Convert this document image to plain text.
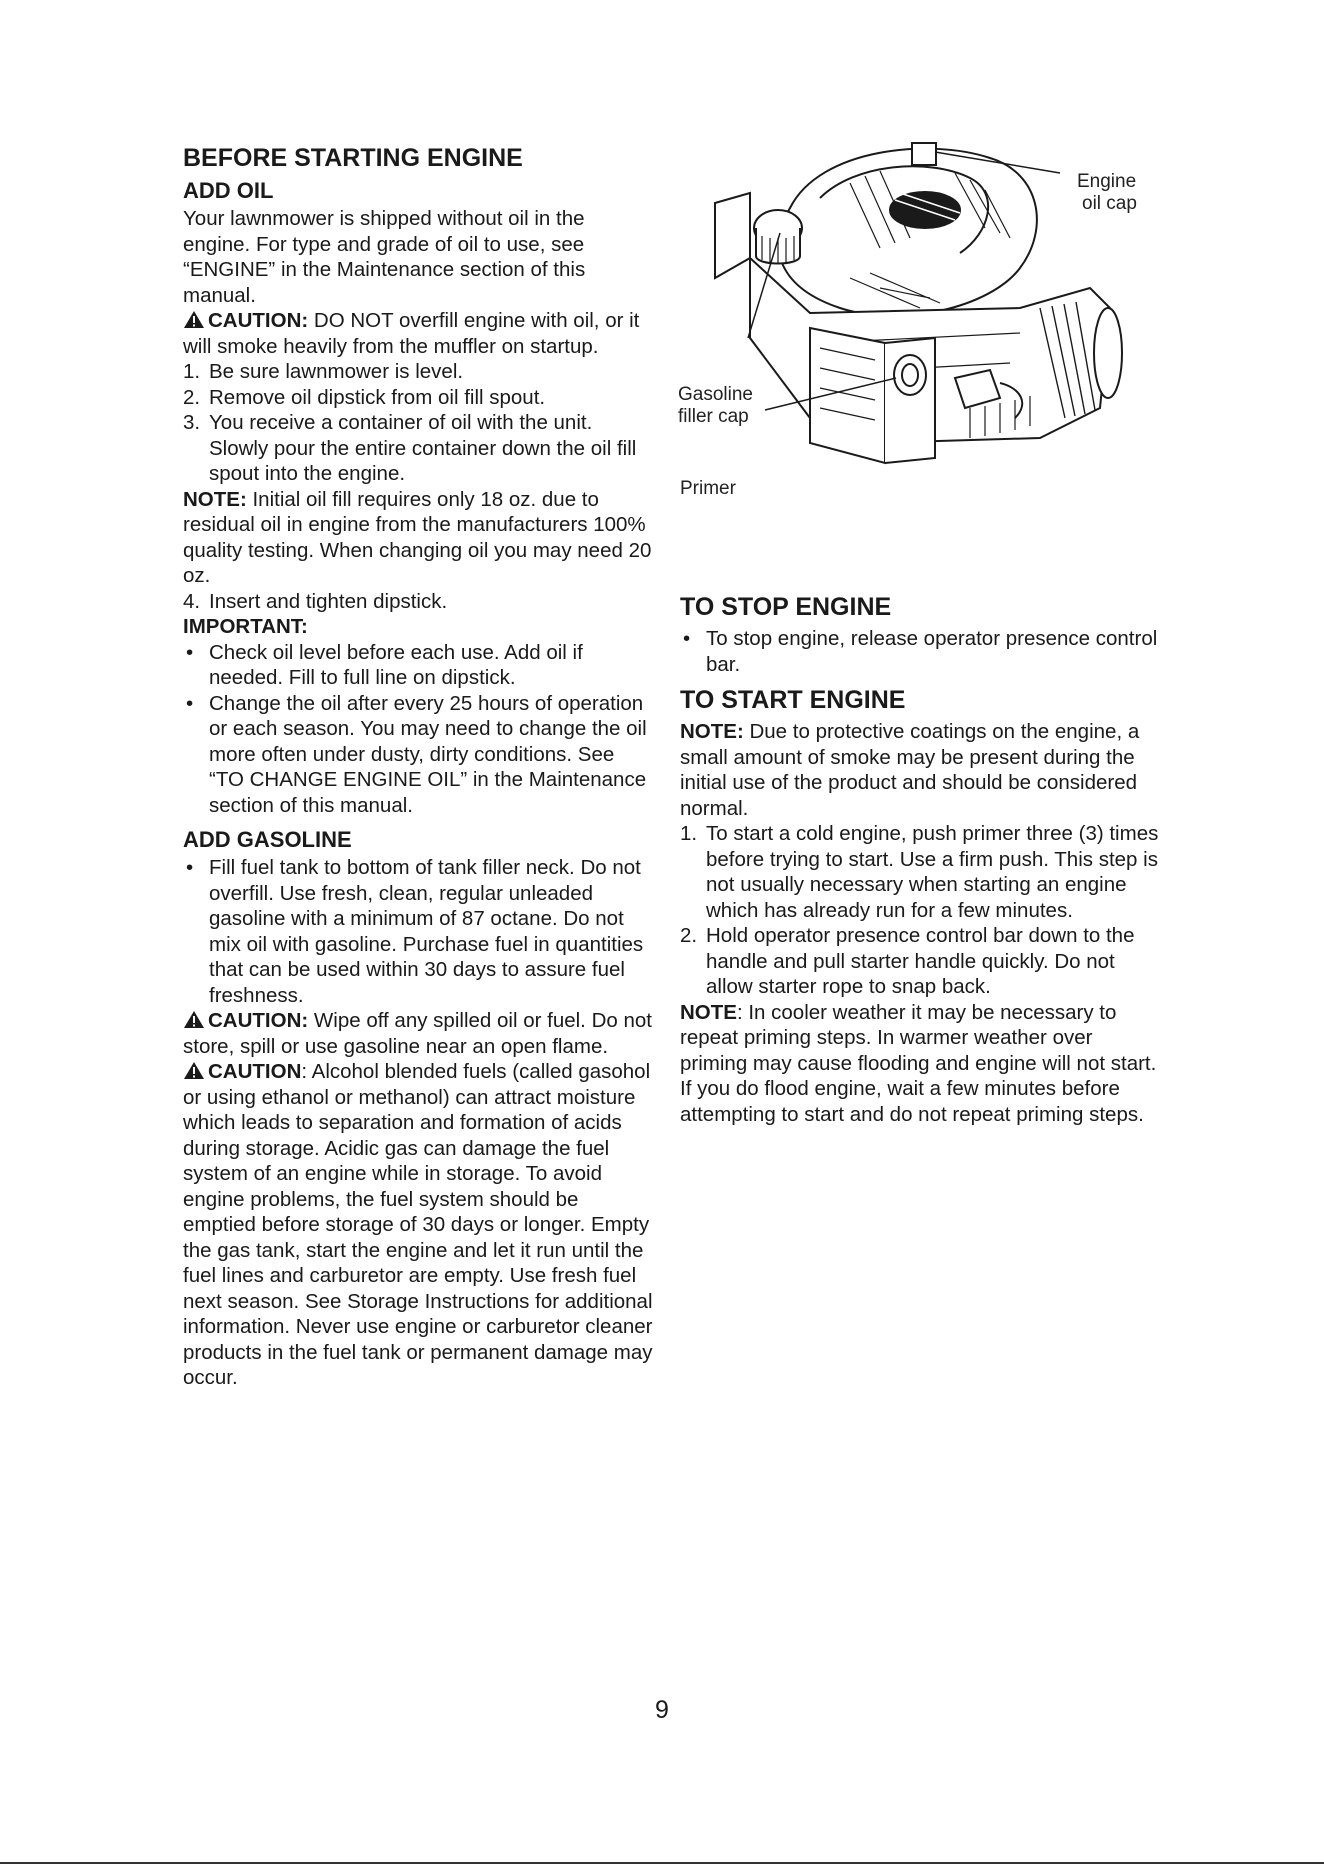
BEFORE STARTING ENGINE
ADD OIL

Your lawnmower is shipped without oil in the engine. For type and grade of oil to use, see “ENGINE” in the Maintenance section of this manual.

CAUTION: DO NOT overfill engine with oil, or it will smoke heavily from the muffler on startup.

1. Be sure lawnmower is level.
2. Remove oil dipstick from oil fill spout.
3. You receive a container of oil with the unit. Slowly pour the entire container down the oil fill spout into the engine.

NOTE: Initial oil fill requires only 18 oz. due to residual oil in engine from the manufacturers 100% quality testing. When changing oil you may need 20 oz.

4. Insert and tighten dipstick.
IMPORTANT:
• Check oil level before each use. Add oil if needed. Fill to full line on dipstick.
• Change the oil after every 25 hours of operation or each season. You may need to change the oil more often under dusty, dirty conditions. See “TO CHANGE ENGINE OIL” in the Maintenance section of this manual.
ADD GASOLINE
• Fill fuel tank to bottom of tank filler neck. Do not overfill. Use fresh, clean, regular unleaded gasoline with a minimum of 87 octane. Do not mix oil with gasoline. Purchase fuel in quantities that can be used within 30 days to assure fuel freshness.

CAUTION: Wipe off any spilled oil or fuel. Do not store, spill or use gasoline near an open flame.

CAUTION: Alcohol blended fuels (called gasohol or using ethanol or methanol) can attract moisture which leads to separation and formation of acids during storage. Acidic gas can damage the fuel system of an engine while in storage. To avoid engine problems, the fuel system should be emptied before storage of 30 days or longer. Empty the gas tank, start the engine and let it run until the fuel lines and carburetor are empty. Use fresh fuel next season. See Storage Instructions for additional information. Never use engine or carburetor cleaner products in the fuel tank or permanent damage may occur.

Engine
oil cap
Gasoline
filler cap
Primer
TO STOP ENGINE
• To stop engine, release operator presence control bar.
TO START ENGINE

NOTE: Due to protective coatings on the engine, a small amount of smoke may be present during the initial use of the product and should be considered normal.

1. To start a cold engine, push primer three (3) times before trying to start. Use a firm push. This step is not usually necessary when starting an engine which has already run for a few minutes.
2. Hold operator presence control bar down to the handle and pull starter handle quickly. Do not allow starter rope to snap back.

NOTE: In cooler weather it may be necessary to repeat priming steps. In warmer weather over priming may cause flooding and engine will not start. If you do flood engine, wait a few minutes before attempting to start and do not repeat priming steps.

9
